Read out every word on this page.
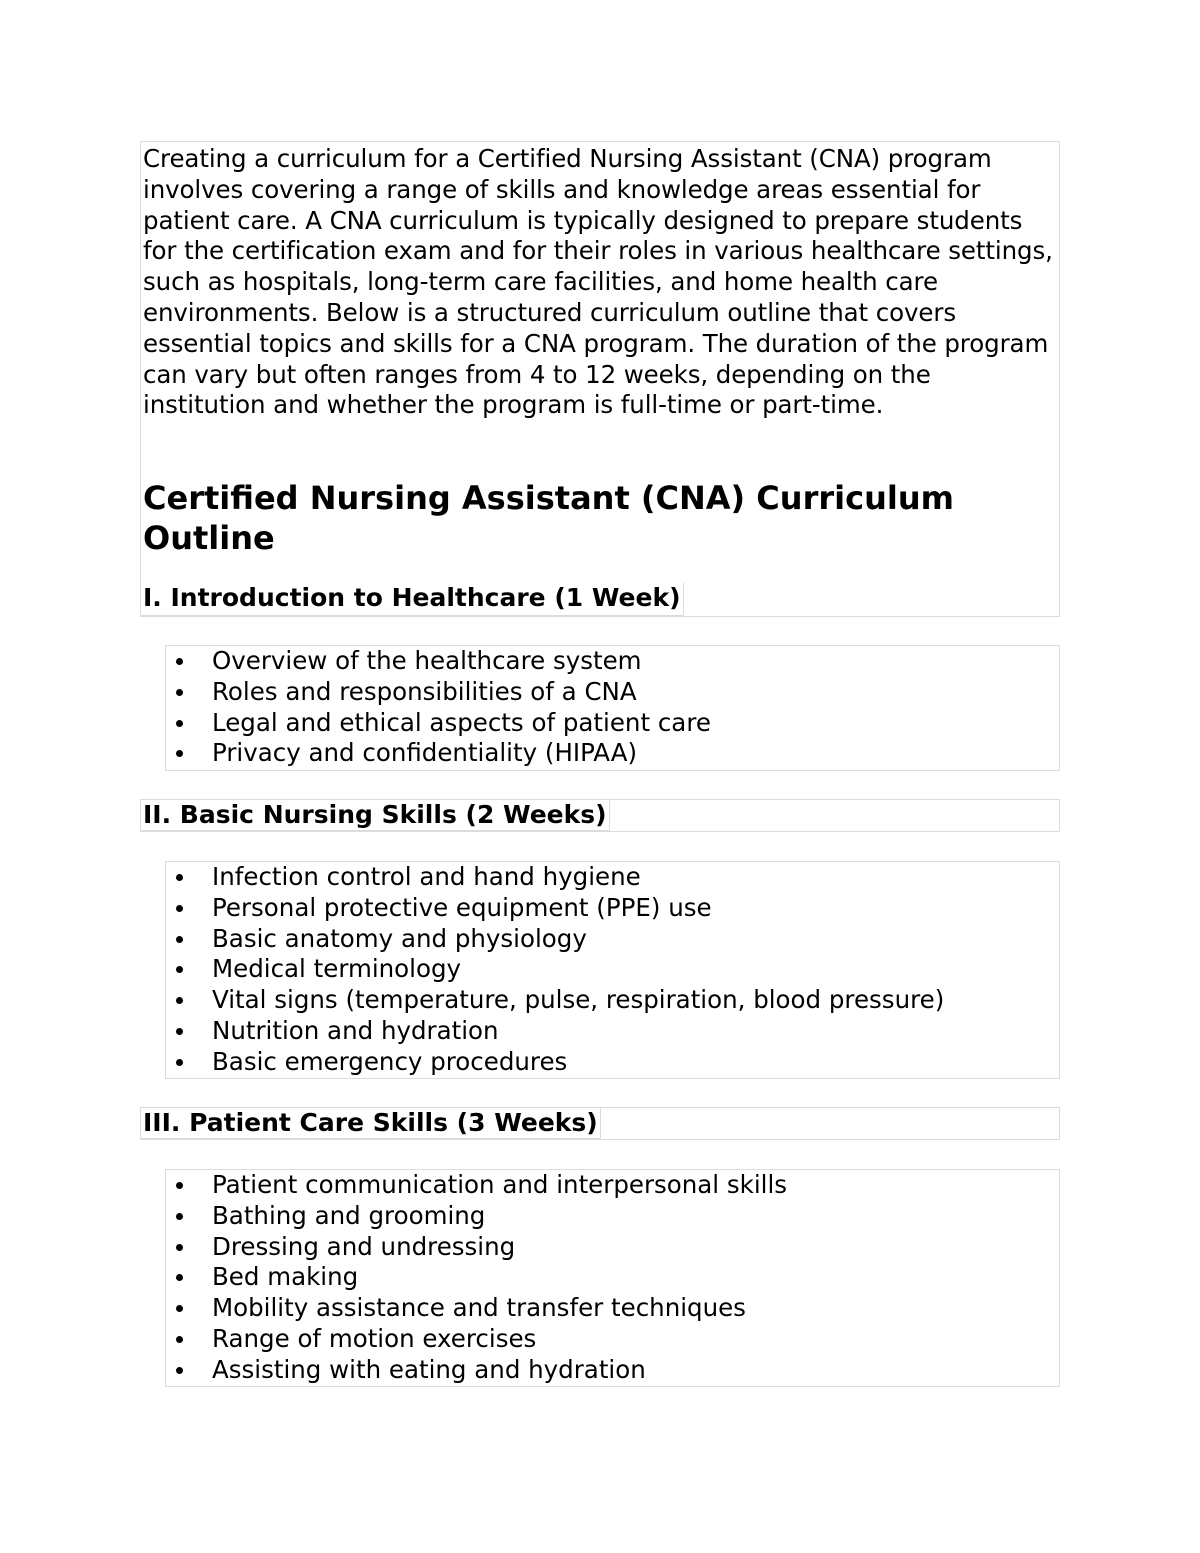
Creating a curriculum for a Certified Nursing Assistant (CNA) program involves covering a range of skills and knowledge areas essential for patient care. A CNA curriculum is typically designed to prepare students for the certification exam and for their roles in various healthcare settings, such as hospitals, long-term care facilities, and home health care environments. Below is a structured curriculum outline that covers essential topics and skills for a CNA program. The duration of the program can vary but often ranges from 4 to 12 weeks, depending on the institution and whether the program is full-time or part-time.

Certified Nursing Assistant (CNA) Curriculum Outline
I. Introduction to Healthcare (1 Week)
Overview of the healthcare system
Roles and responsibilities of a CNA
Legal and ethical aspects of patient care
Privacy and confidentiality (HIPAA)
II. Basic Nursing Skills (2 Weeks)
Infection control and hand hygiene
Personal protective equipment (PPE) use
Basic anatomy and physiology
Medical terminology
Vital signs (temperature, pulse, respiration, blood pressure)
Nutrition and hydration
Basic emergency procedures
III. Patient Care Skills (3 Weeks)
Patient communication and interpersonal skills
Bathing and grooming
Dressing and undressing
Bed making
Mobility assistance and transfer techniques
Range of motion exercises
Assisting with eating and hydration
